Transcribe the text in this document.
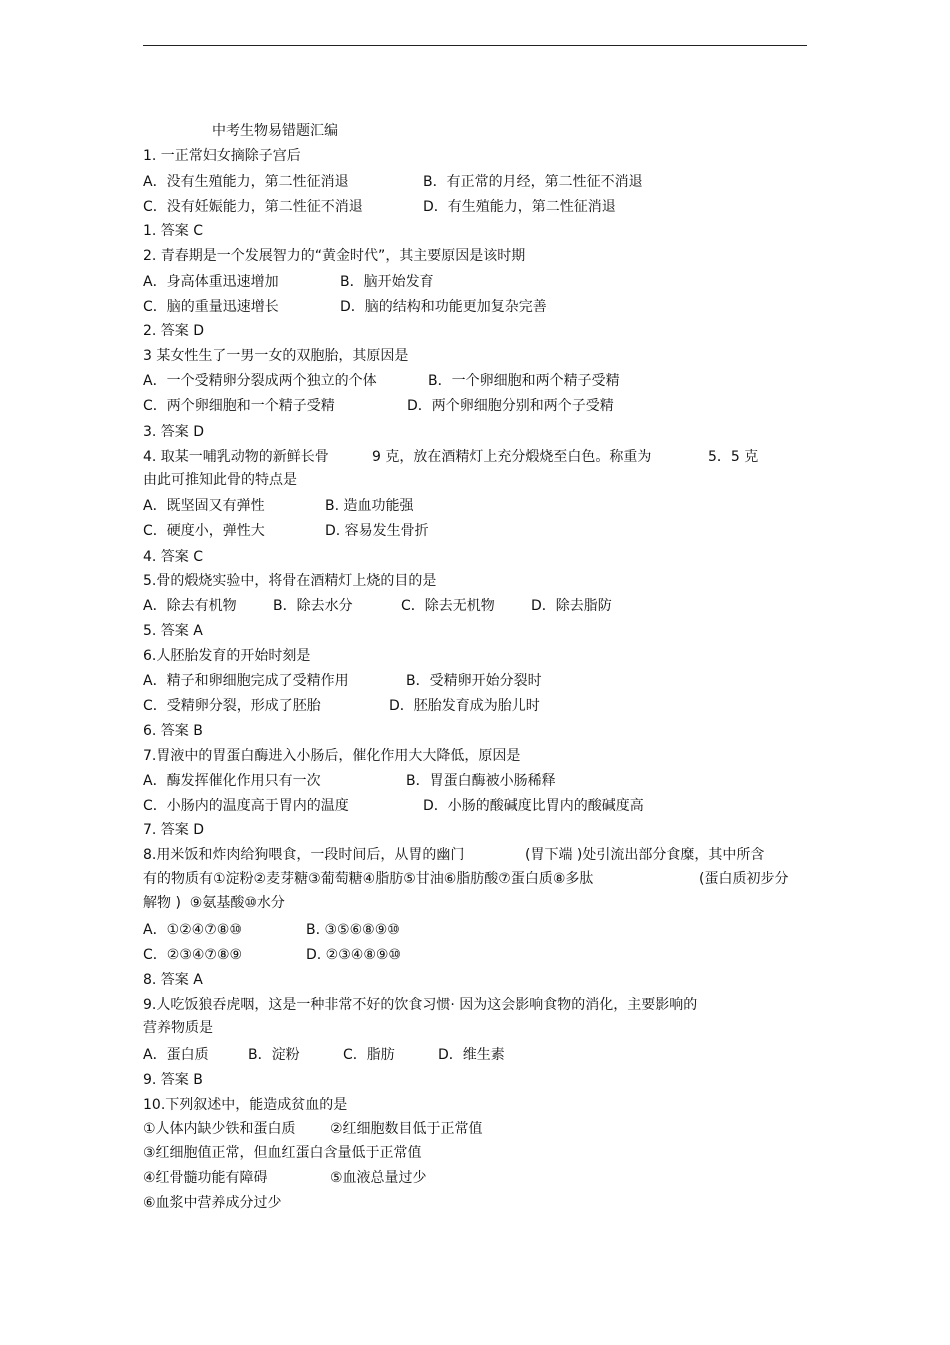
中考生物易错题汇编
1. 一正常妇女摘除子宫后
A．没有生殖能力，第二性征消退	B．有正常的月经，第二性征不消退
C．没有妊娠能力，第二性征不消退	D．有生殖能力，第二性征消退
1. 答案 C
2. 青春期是一个发展智力的“黄金时代”，其主要原因是该时期
A．身高体重迅速增加	B．脑开始发育
C．脑的重量迅速增长	D．脑的结构和功能更加复杂完善
2. 答案 D
3 某女性生了一男一女的双胞胎，其原因是
A．一个受精卵分裂成两个独立的个体	B．一个卵细胞和两个精子受精
C．两个卵细胞和一个精子受精	D．两个卵细胞分别和两个子受精
3. 答案 D
4. 取某一哺乳动物的新鲜长骨	9 克，放在酒精灯上充分煅烧至白色。称重为	5．5 克
由此可推知此骨的特点是
A．既坚固又有弹性	B. 造血功能强
C．硬度小，弹性大	D. 容易发生骨折
4. 答案 C
5.骨的煅烧实验中，将骨在酒精灯上烧的目的是
A．除去有机物	B．除去水分	C．除去无机物	D．除去脂防
5. 答案 A
6.人胚胎发育的开始时刻是
A．精子和卵细胞完成了受精作用	B．受精卵开始分裂时
C．受精卵分裂，形成了胚胎	D．胚胎发育成为胎儿时
6. 答案 B
7.胃液中的胃蛋白酶进入小肠后，催化作用大大降低，原因是
A．酶发挥催化作用只有一次	B．胃蛋白酶被小肠稀释
C．小肠内的温度高于胃内的温度	D．小肠的酸碱度比胃内的酸碱度高
7. 答案 D
8.用米饭和炸肉给狗喂食，一段时间后，从胃的幽门	(胃下端 )处引流出部分食糜，其中所含
有的物质有①淀粉②麦芽糖③葡萄糖④脂肪⑤甘油⑥脂肪酸⑦蛋白质⑧多肽	(蛋白质初步分
解物 )  ⑨氨基酸⑩水分
A．①②④⑦⑧⑩	B. ③⑤⑥⑧⑨⑩
C．②③④⑦⑧⑨	D. ②③④⑧⑨⑩
8. 答案 A
9.人吃饭狼吞虎咽，这是一种非常不好的饮食习惯· 因为这会影响食物的消化，主要影响的
营养物质是
A．蛋白质	B．淀粉	C．脂肪	D．维生素
9. 答案 B
10.下列叙述中，能造成贫血的是
①人体内缺少铁和蛋白质 ②红细胞数目低于正常值
③红细胞值正常，但血红蛋白含量低于正常值
④红骨髓功能有障碍	⑤血液总量过少
⑥血浆中营养成分过少
